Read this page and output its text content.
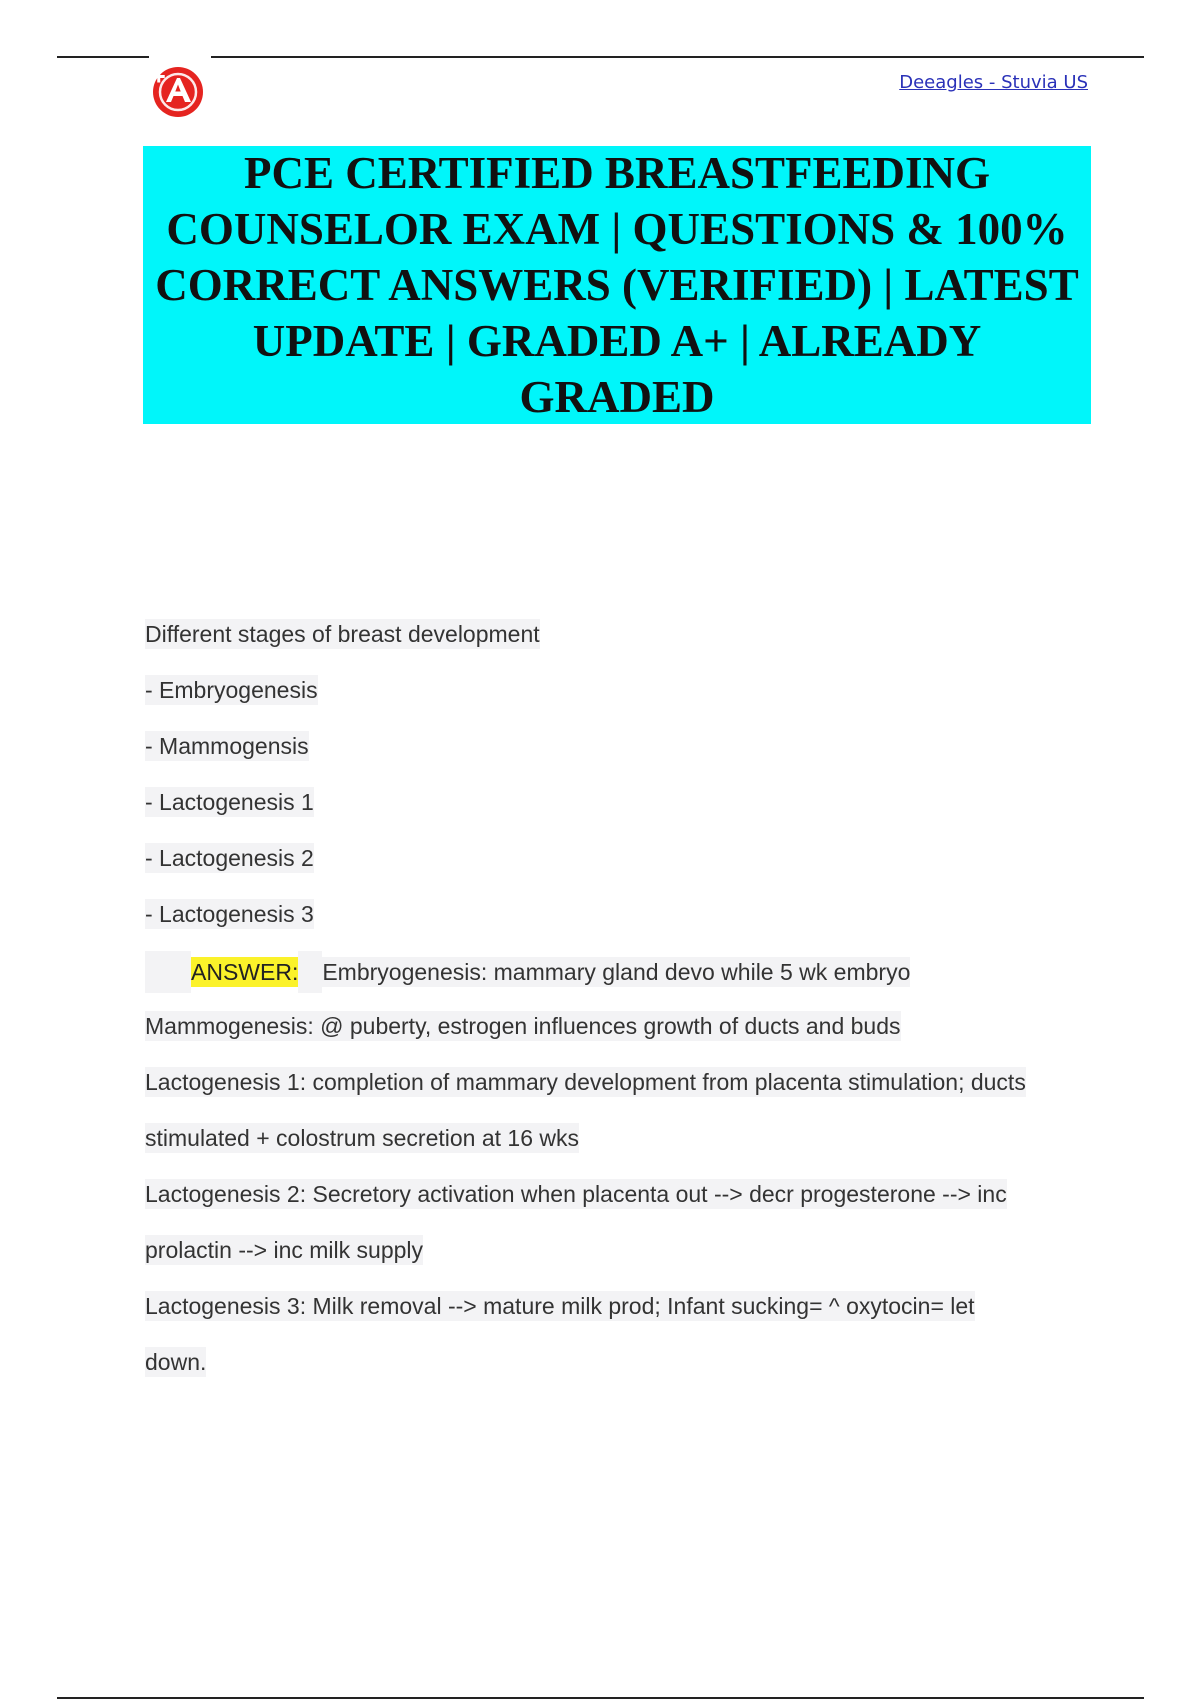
Deeagles - Stuvia US
PCE CERTIFIED BREASTFEEDING COUNSELOR EXAM | QUESTIONS & 100% CORRECT ANSWERS (VERIFIED) | LATEST UPDATE | GRADED A+ | ALREADY GRADED
Different stages of breast development
- Embryogenesis
- Mammogensis
- Lactogenesis 1
- Lactogenesis 2
- Lactogenesis 3
ANSWER: Embryogenesis: mammary gland devo while 5 wk embryo
Mammogenesis: @ puberty, estrogen influences growth of ducts and buds
Lactogenesis 1: completion of mammary development from placenta stimulation; ducts
stimulated + colostrum secretion at 16 wks
Lactogenesis 2: Secretory activation when placenta out --> decr progesterone --> inc
prolactin --> inc milk supply
Lactogenesis 3: Milk removal --> mature milk prod; Infant sucking= ^ oxytocin= let
down.
